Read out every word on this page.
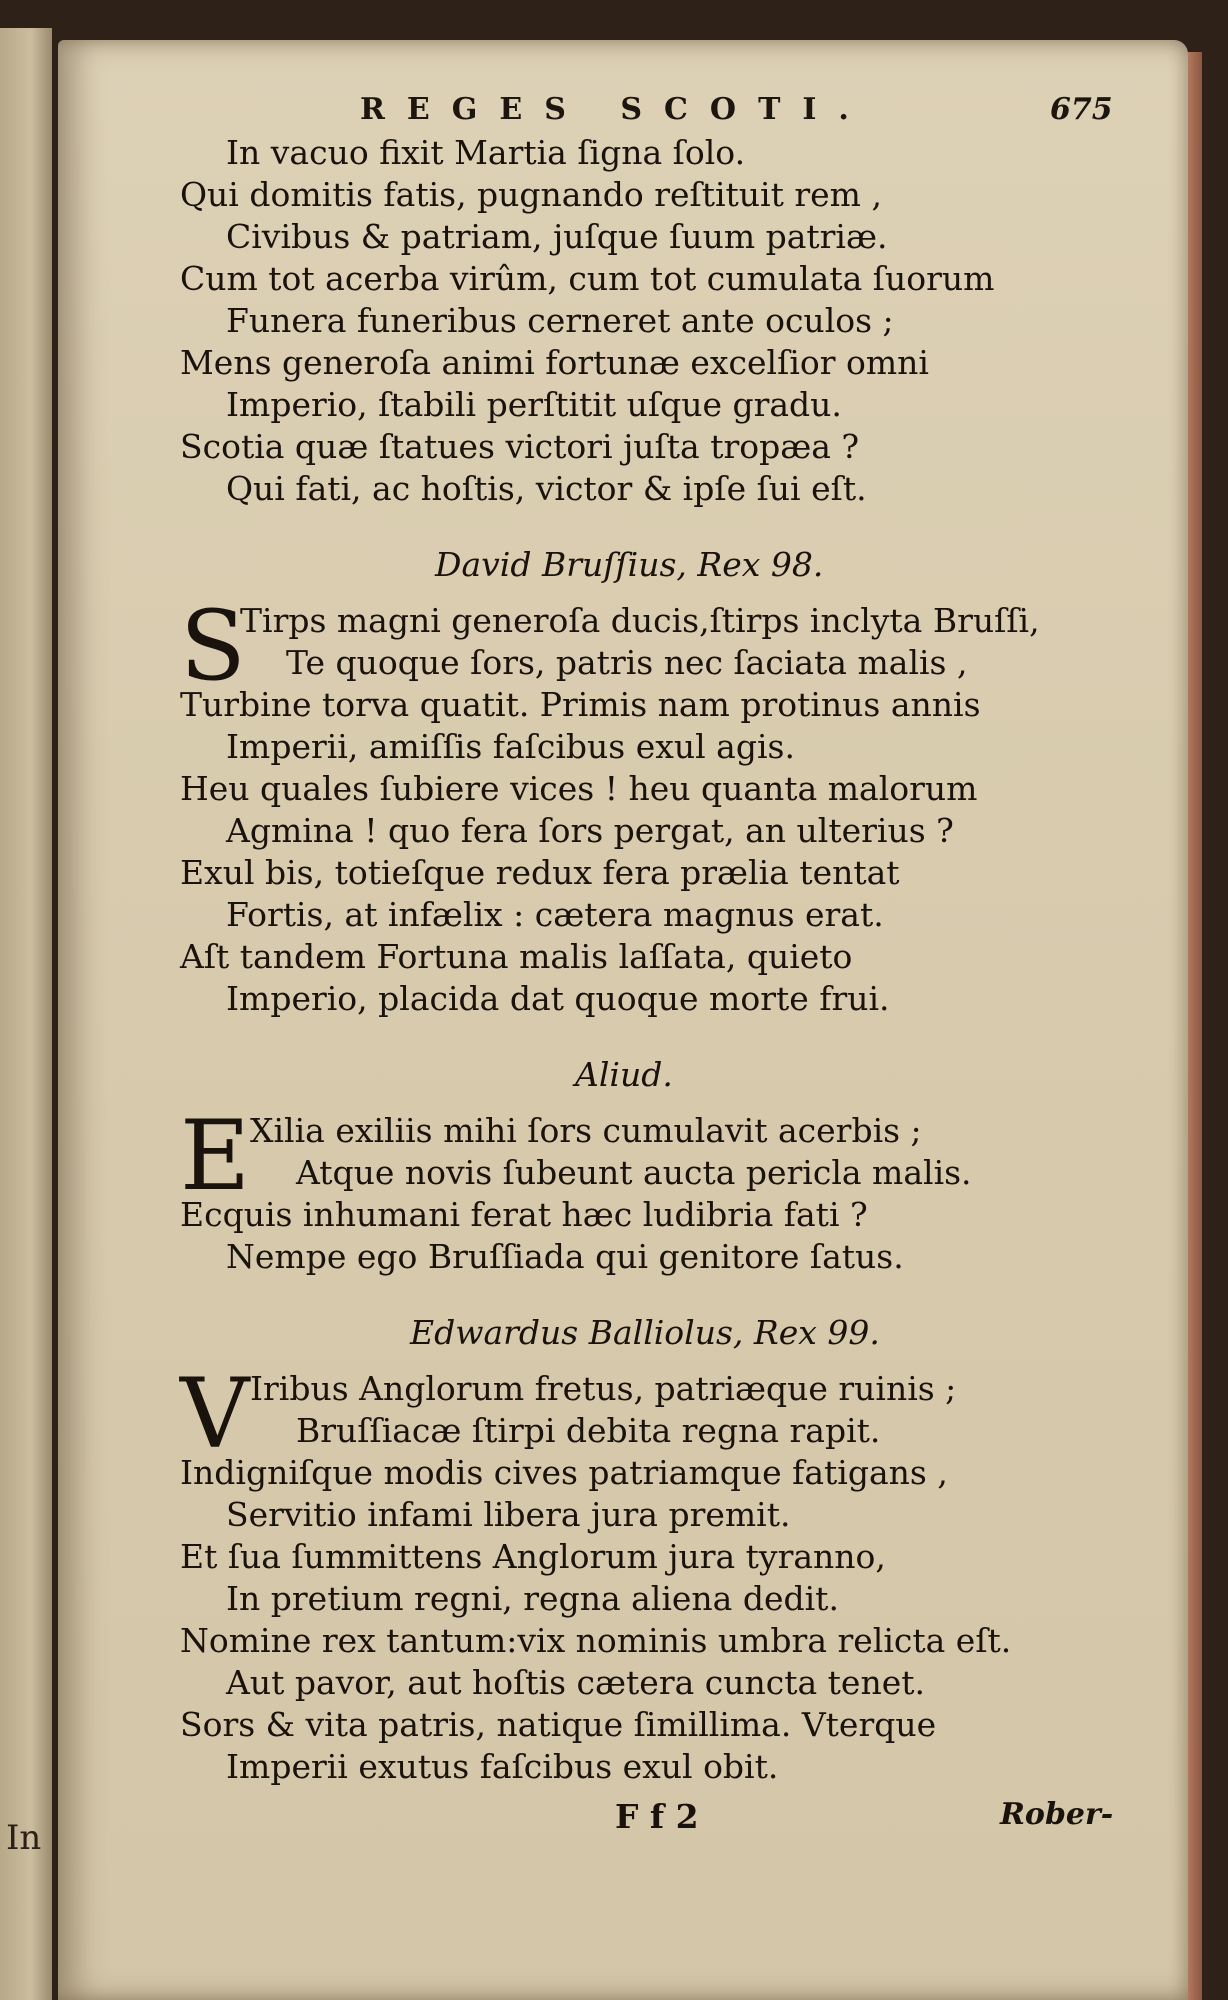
In
REGES SCOTI.	675
In vacuo fixit Martia ſigna ſolo.
Qui domitis fatis, pugnando reſtituit rem ,
Civibus & patriam, juſque ſuum patriæ.
Cum tot acerba virûm, cum tot cumulata ſuorum
Funera funeribus cerneret ante oculos ;
Mens generoſa animi fortunæ excelſior omni
Imperio, ſtabili perſtitit uſque gradu.
Scotia quæ ſtatues victori juſta tropæa ?
Qui fati, ac hoſtis, victor & ipſe ſui eſt.
David Bruſſius, Rex 98.
S
Tirps magni generoſa ducis,ſtirps inclyta Bruſſi,
Te quoque ſors, patris nec ſaciata malis ,
Turbine torva quatit. Primis nam protinus annis
Imperii, amiſſis faſcibus exul agis.
Heu quales ſubiere vices ! heu quanta malorum
Agmina ! quo fera ſors pergat, an ulterius ?
Exul bis, totieſque redux fera prælia tentat
Fortis, at infælix : cætera magnus erat.
Aſt tandem Fortuna malis laſſata, quieto
Imperio, placida dat quoque morte frui.
Aliud.
E Xilia exiliis mihi ſors cumulavit acerbis ;
Atque novis ſubeunt aucta pericla malis.
Ecquis inhumani ferat hæc ludibria fati ?
Nempe ego Bruſſiada qui genitore ſatus.
Edwardus Balliolus, Rex 99.
V Iribus Anglorum fretus, patriæque ruinis ;
Bruſſiacæ ſtirpi debita regna rapit.
Indigniſque modis cives patriamque fatigans ,
Servitio infami libera jura premit.
Et ſua ſummittens Anglorum jura tyranno,
In pretium regni, regna aliena dedit.
Nomine rex tantum:vix nominis umbra relicta eſt.
Aut pavor, aut hoſtis cætera cuncta tenet.
Sors & vita patris, natique ſimillima. Vterque
Imperii exutus faſcibus exul obit.
F f 2	Rober-
